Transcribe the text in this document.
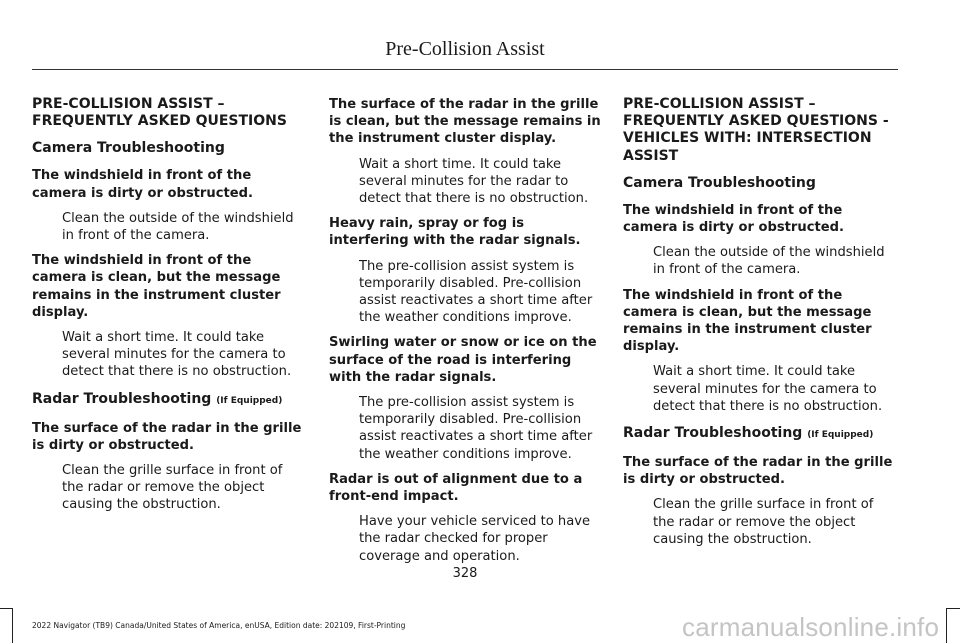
Pre-Collision Assist
PRE-COLLISION ASSIST – FREQUENTLY ASKED QUESTIONS
Camera Troubleshooting
The windshield in front of the camera is dirty or obstructed.
Clean the outside of the windshield in front of the camera.
The windshield in front of the camera is clean, but the message remains in the instrument cluster display.
Wait a short time. It could take several minutes for the camera to detect that there is no obstruction.
Radar Troubleshooting (If Equipped)
The surface of the radar in the grille is dirty or obstructed.
Clean the grille surface in front of the radar or remove the object causing the obstruction.
The surface of the radar in the grille is clean, but the message remains in the instrument cluster display.
Wait a short time. It could take several minutes for the radar to detect that there is no obstruction.
Heavy rain, spray or fog is interfering with the radar signals.
The pre-collision assist system is temporarily disabled. Pre-collision assist reactivates a short time after the weather conditions improve.
Swirling water or snow or ice on the surface of the road is interfering with the radar signals.
The pre-collision assist system is temporarily disabled. Pre-collision assist reactivates a short time after the weather conditions improve.
Radar is out of alignment due to a front-end impact.
Have your vehicle serviced to have the radar checked for proper coverage and operation.
PRE-COLLISION ASSIST – FREQUENTLY ASKED QUESTIONS - VEHICLES WITH: INTERSECTION ASSIST
Camera Troubleshooting
The windshield in front of the camera is dirty or obstructed.
Clean the outside of the windshield in front of the camera.
The windshield in front of the camera is clean, but the message remains in the instrument cluster display.
Wait a short time. It could take several minutes for the camera to detect that there is no obstruction.
Radar Troubleshooting (If Equipped)
The surface of the radar in the grille is dirty or obstructed.
Clean the grille surface in front of the radar or remove the object causing the obstruction.
328
2022 Navigator (TB9) Canada/United States of America, enUSA, Edition date: 202109, First-Printing	carmanualsonline.info
